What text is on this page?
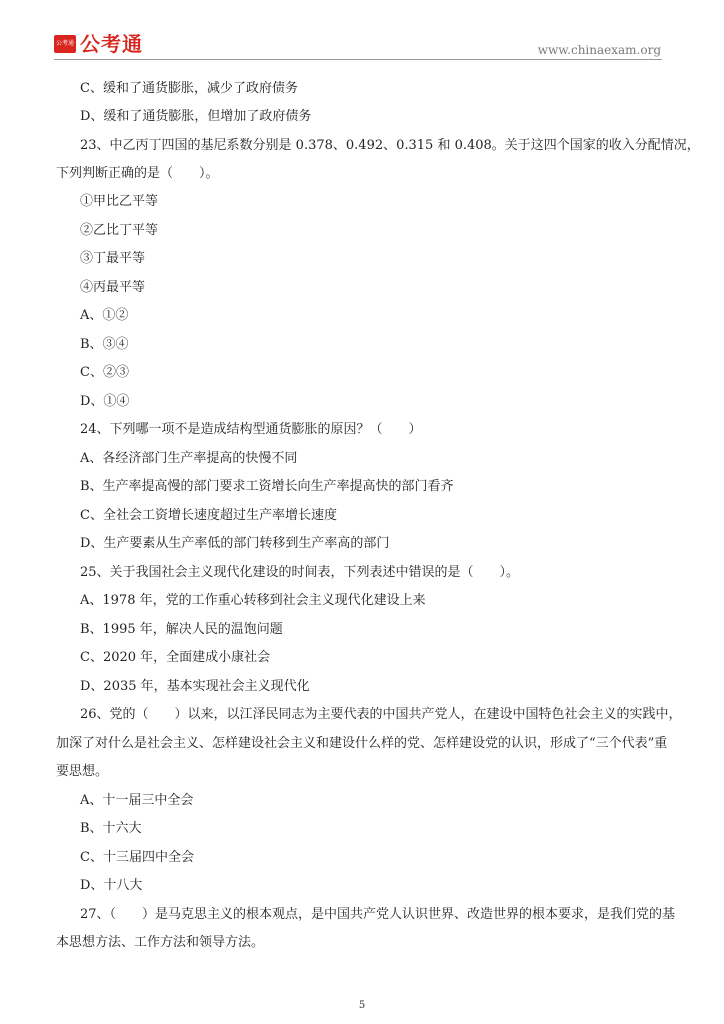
公考通 公考通	www.chinaexam.org
C、缓和了通货膨胀，减少了政府债务
D、缓和了通货膨胀，但增加了政府债务
23、中乙丙丁四国的基尼系数分别是 0.378、0.492、0.315 和 0.408。关于这四个国家的收入分配情况，
下列判断正确的是（　　）。
①甲比乙平等
②乙比丁平等
③丁最平等
④丙最平等
A、①②
B、③④
C、②③
D、①④
24、下列哪一项不是造成结构型通货膨胀的原因？（　　）
A、各经济部门生产率提高的快慢不同
B、生产率提高慢的部门要求工资增长向生产率提高快的部门看齐
C、全社会工资增长速度超过生产率增长速度
D、生产要素从生产率低的部门转移到生产率高的部门
25、关于我国社会主义现代化建设的时间表，下列表述中错误的是（　　）。
A、1978 年，党的工作重心转移到社会主义现代化建设上来
B、1995 年，解决人民的温饱问题
C、2020 年，全面建成小康社会
D、2035 年，基本实现社会主义现代化
26、党的（　　）以来，以江泽民同志为主要代表的中国共产党人，在建设中国特色社会主义的实践中，
加深了对什么是社会主义、怎样建设社会主义和建设什么样的党、怎样建设党的认识，形成了“三个代表”重
要思想。
A、十一届三中全会
B、十六大
C、十三届四中全会
D、十八大
27、（　　）是马克思主义的根本观点，是中国共产党人认识世界、改造世界的根本要求，是我们党的基
本思想方法、工作方法和领导方法。
5
